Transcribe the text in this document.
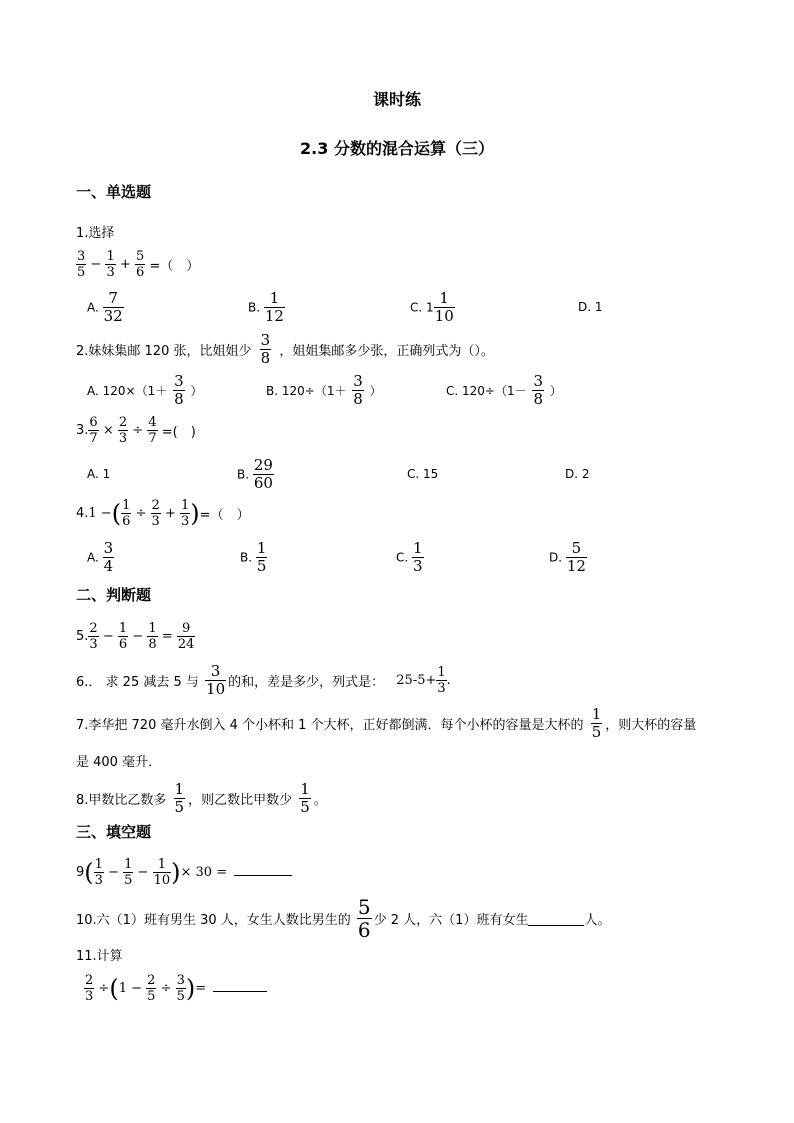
课时练
2.3 分数的混合运算（三）
一、单选题
1.选择
$\frac{3}{5} - \frac{1}{3} + \frac{5}{6}$ =（　）
A. $\frac{7}{32}$	B. $\frac{1}{12}$	C. $1 \frac{1}{10}$	D. 1
2.妹妹集邮 120 张，比姐姐少 $\frac{3}{8}$ ，姐姐集邮多少张，正确列式为（）。
A. $120\times(1+ \frac{3}{8}$ ）	B. $120\div(1+ \frac{3}{8}$ ）	C. $120\div(1- \frac{3}{8}$ ）
3. $\frac{6}{7} \times \frac{2}{3} \div \frac{4}{7}$ =(　)
A. 1	B. $\frac{29}{60}$	C. 15	D. 2
4.1 −( $\frac{1}{6} \div \frac{2}{3} + \frac{1}{3}$ )=（　）
A. $\frac{3}{4}$	B. $\frac{1}{5}$	C. $\frac{1}{3}$	D. $\frac{5}{12}$
二、判断题
5. $\frac{2}{3} - \frac{1}{6} - \frac{1}{8} = \frac{9}{24}$
6.． 求 25 减去 5 与 $\frac{3}{10}$ 的和，差是多少，列式是： $25-5+ \frac{1}{3}$ .
7.李华把 720 毫升水倒入 4 个小杯和 1 个大杯，正好都倒满．每个小杯的容量是大杯的 $\frac{1}{5}$ ，则大杯的容量
是 400 毫升．
8.甲数比乙数多 $\frac{1}{5}$ ，则乙数比甲数少 $\frac{1}{5}$ 。
三、填空题
$9( \frac{1}{3} - \frac{1}{5} - \frac{1}{10}$ )× 30 =
10.六（1）班有男生 30 人，女生人数比男生的 $\frac{5}{6}$ 少 2 人，六（1）班有女生	人。
11.计算
$\frac{2}{3} \div(1 - \frac{2}{5} \div \frac{3}{5}$ )=
